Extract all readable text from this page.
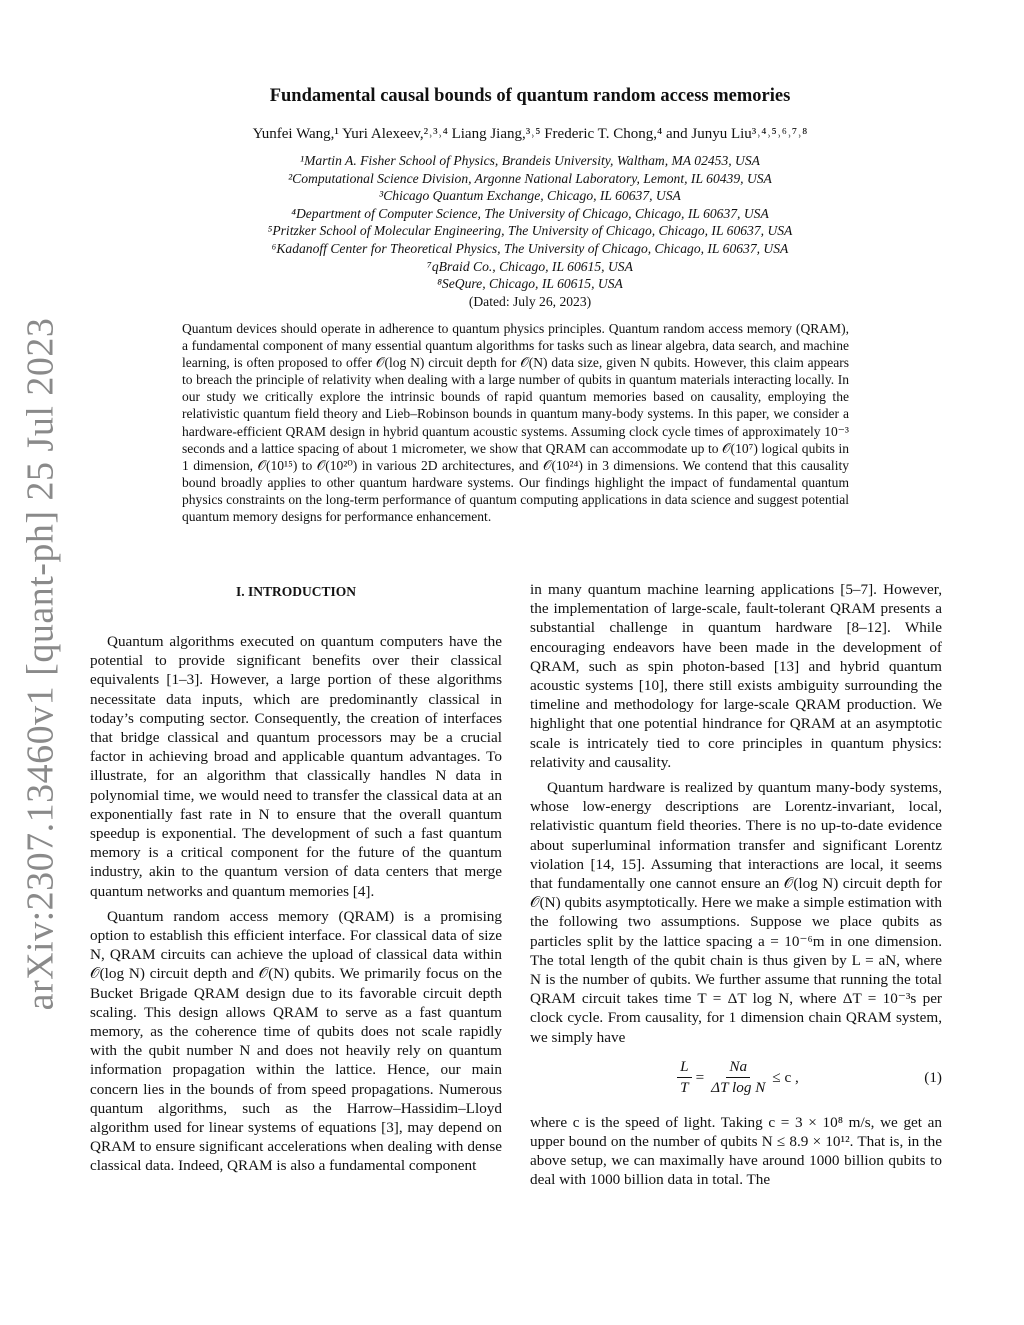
arXiv:2307.13460v1 [quant-ph] 25 Jul 2023
Fundamental causal bounds of quantum random access memories
Yunfei Wang,¹ Yuri Alexeev,²˒³˒⁴ Liang Jiang,³˒⁵ Frederic T. Chong,⁴ and Junyu Liu³˒⁴˒⁵˒⁶˒⁷˒⁸
¹Martin A. Fisher School of Physics, Brandeis University, Waltham, MA 02453, USA
²Computational Science Division, Argonne National Laboratory, Lemont, IL 60439, USA
³Chicago Quantum Exchange, Chicago, IL 60637, USA
⁴Department of Computer Science, The University of Chicago, Chicago, IL 60637, USA
⁵Pritzker School of Molecular Engineering, The University of Chicago, Chicago, IL 60637, USA
⁶Kadanoff Center for Theoretical Physics, The University of Chicago, Chicago, IL 60637, USA
⁷qBraid Co., Chicago, IL 60615, USA
⁸SeQure, Chicago, IL 60615, USA
(Dated: July 26, 2023)

Quantum devices should operate in adherence to quantum physics principles. Quantum random access memory (QRAM), a fundamental component of many essential quantum algorithms for tasks such as linear algebra, data search, and machine learning, is often proposed to offer 𝒪(log N) circuit depth for 𝒪(N) data size, given N qubits. However, this claim appears to breach the principle of relativity when dealing with a large number of qubits in quantum materials interacting locally. In our study we critically explore the intrinsic bounds of rapid quantum memories based on causality, employing the relativistic quantum field theory and Lieb–Robinson bounds in quantum many-body systems. In this paper, we consider a hardware-efficient QRAM design in hybrid quantum acoustic systems. Assuming clock cycle times of approximately 10⁻³ seconds and a lattice spacing of about 1 micrometer, we show that QRAM can accommodate up to 𝒪(10⁷) logical qubits in 1 dimension, 𝒪(10¹⁵) to 𝒪(10²⁰) in various 2D architectures, and 𝒪(10²⁴) in 3 dimensions. We contend that this causality bound broadly applies to other quantum hardware systems. Our findings highlight the impact of fundamental quantum physics constraints on the long-term performance of quantum computing applications in data science and suggest potential quantum memory designs for performance enhancement.

I. INTRODUCTION

Quantum algorithms executed on quantum computers have the potential to provide significant benefits over their classical equivalents [1–3]. However, a large portion of these algorithms necessitate data inputs, which are predominantly classical in today’s computing sector. Consequently, the creation of interfaces that bridge classical and quantum processors may be a crucial factor in achieving broad and applicable quantum advantages. To illustrate, for an algorithm that classically handles N data in polynomial time, we would need to transfer the classical data at an exponentially fast rate in N to ensure that the overall quantum speedup is exponential. The development of such a fast quantum memory is a critical component for the future of the quantum industry, akin to the quantum version of data centers that merge quantum networks and quantum memories [4].

Quantum random access memory (QRAM) is a promising option to establish this efficient interface. For classical data of size N, QRAM circuits can achieve the upload of classical data within 𝒪(log N) circuit depth and 𝒪(N) qubits. We primarily focus on the Bucket Brigade QRAM design due to its favorable circuit depth scaling. This design allows QRAM to serve as a fast quantum memory, as the coherence time of qubits does not scale rapidly with the qubit number N and does not heavily rely on quantum information propagation within the lattice. Hence, our main concern lies in the bounds of from speed propagations. Numerous quantum algorithms, such as the Harrow–Hassidim–Lloyd algorithm used for linear systems of equations [3], may depend on QRAM to ensure significant accelerations when dealing with dense classical data. Indeed, QRAM is also a fundamental component

in many quantum machine learning applications [5–7]. However, the implementation of large-scale, fault-tolerant QRAM presents a substantial challenge in quantum hardware [8–12]. While encouraging endeavors have been made in the development of QRAM, such as spin photon-based [13] and hybrid quantum acoustic systems [10], there still exists ambiguity surrounding the timeline and methodology for large-scale QRAM production. We highlight that one potential hindrance for QRAM at an asymptotic scale is intricately tied to core principles in quantum physics: relativity and causality.

Quantum hardware is realized by quantum many-body systems, whose low-energy descriptions are Lorentz-invariant, local, relativistic quantum field theories. There is no up-to-date evidence about superluminal information transfer and significant Lorentz violation [14, 15]. Assuming that interactions are local, it seems that fundamentally one cannot ensure an 𝒪(log N) circuit depth for 𝒪(N) qubits asymptotically. Here we make a simple estimation with the following two assumptions. Suppose we place qubits as particles split by the lattice spacing a = 10⁻⁶m in one dimension. The total length of the qubit chain is thus given by L = aN, where N is the number of qubits. We further assume that running the total QRAM circuit takes time T = ΔT log N, where ΔT = 10⁻³s per clock cycle. From causality, for 1 dimension chain QRAM system, we simply have

$\frac{L}{T} = \frac{Na}{\text{ΔT log N}} \le c$ ,	(1)

where c is the speed of light. Taking c = 3 × 10⁸ m/s, we get an upper bound on the number of qubits N ≤ 8.9 × 10¹². That is, in the above setup, we can maximally have around 1000 billion qubits to deal with 1000 billion data in total. The
